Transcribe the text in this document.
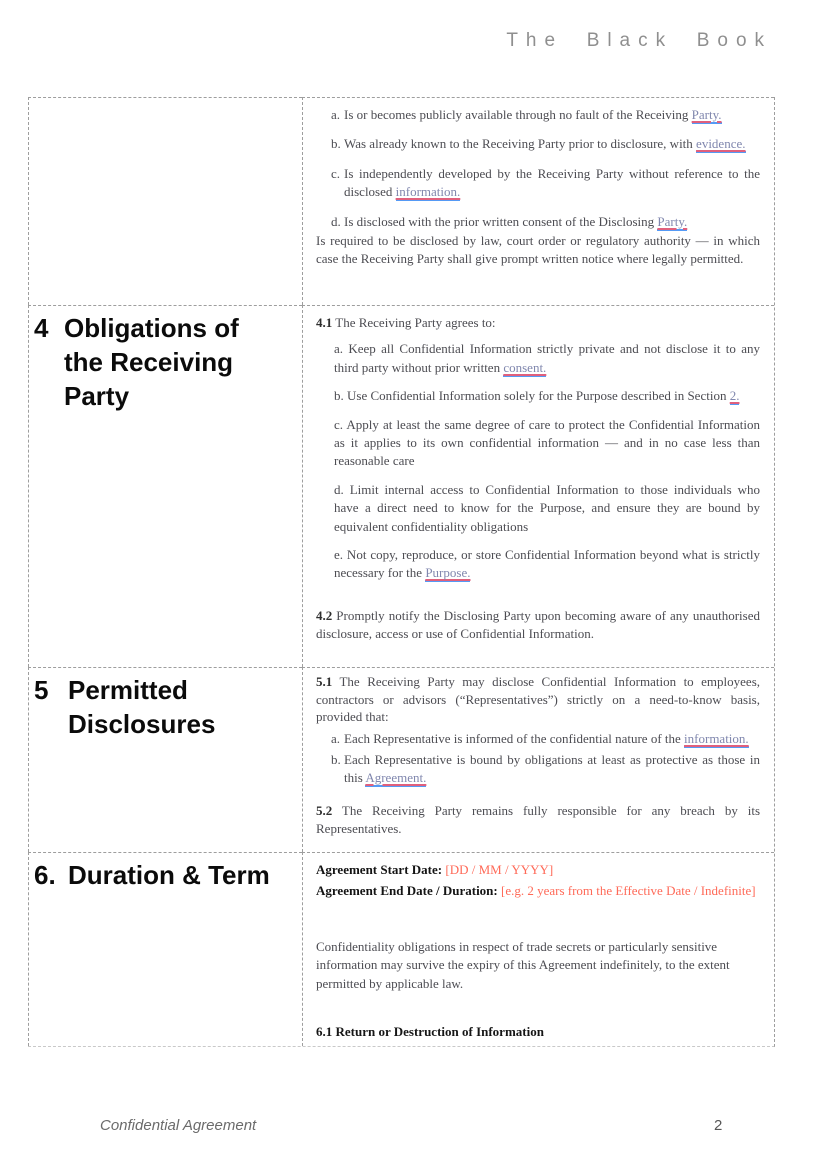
The Black Book
a. Is or becomes publicly available through no fault of the Receiving Party.
b. Was already known to the Receiving Party prior to disclosure, with evidence.
c. Is independently developed by the Receiving Party without reference to the disclosed information.
d. Is disclosed with the prior written consent of the Disclosing Party.
Is required to be disclosed by law, court order or regulatory authority — in which case the Receiving Party shall give prompt written notice where legally permitted.
4 Obligations of the Receiving Party
4.1 The Receiving Party agrees to:
a. Keep all Confidential Information strictly private and not disclose it to any third party without prior written consent.
b. Use Confidential Information solely for the Purpose described in Section 2.
c. Apply at least the same degree of care to protect the Confidential Information as it applies to its own confidential information — and in no case less than reasonable care
d. Limit internal access to Confidential Information to those individuals who have a direct need to know for the Purpose, and ensure they are bound by equivalent confidentiality obligations
e. Not copy, reproduce, or store Confidential Information beyond what is strictly necessary for the Purpose.
4.2 Promptly notify the Disclosing Party upon becoming aware of any unauthorised disclosure, access or use of Confidential Information.
5 Permitted Disclosures
5.1 The Receiving Party may disclose Confidential Information to employees, contractors or advisors (“Representatives”) strictly on a need-to-know basis, provided that:
a. Each Representative is informed of the confidential nature of the information.
b. Each Representative is bound by obligations at least as protective as those in this Agreement.
5.2 The Receiving Party remains fully responsible for any breach by its Representatives.
6. Duration & Term	Agreement Start Date: [DD / MM / YYYY]
Agreement End Date / Duration: [e.g. 2 years from the Effective Date / Indefinite]
Confidentiality obligations in respect of trade secrets or particularly sensitive information may survive the expiry of this Agreement indefinitely, to the extent permitted by applicable law.
6.1 Return or Destruction of Information
Confidential Agreement	2
